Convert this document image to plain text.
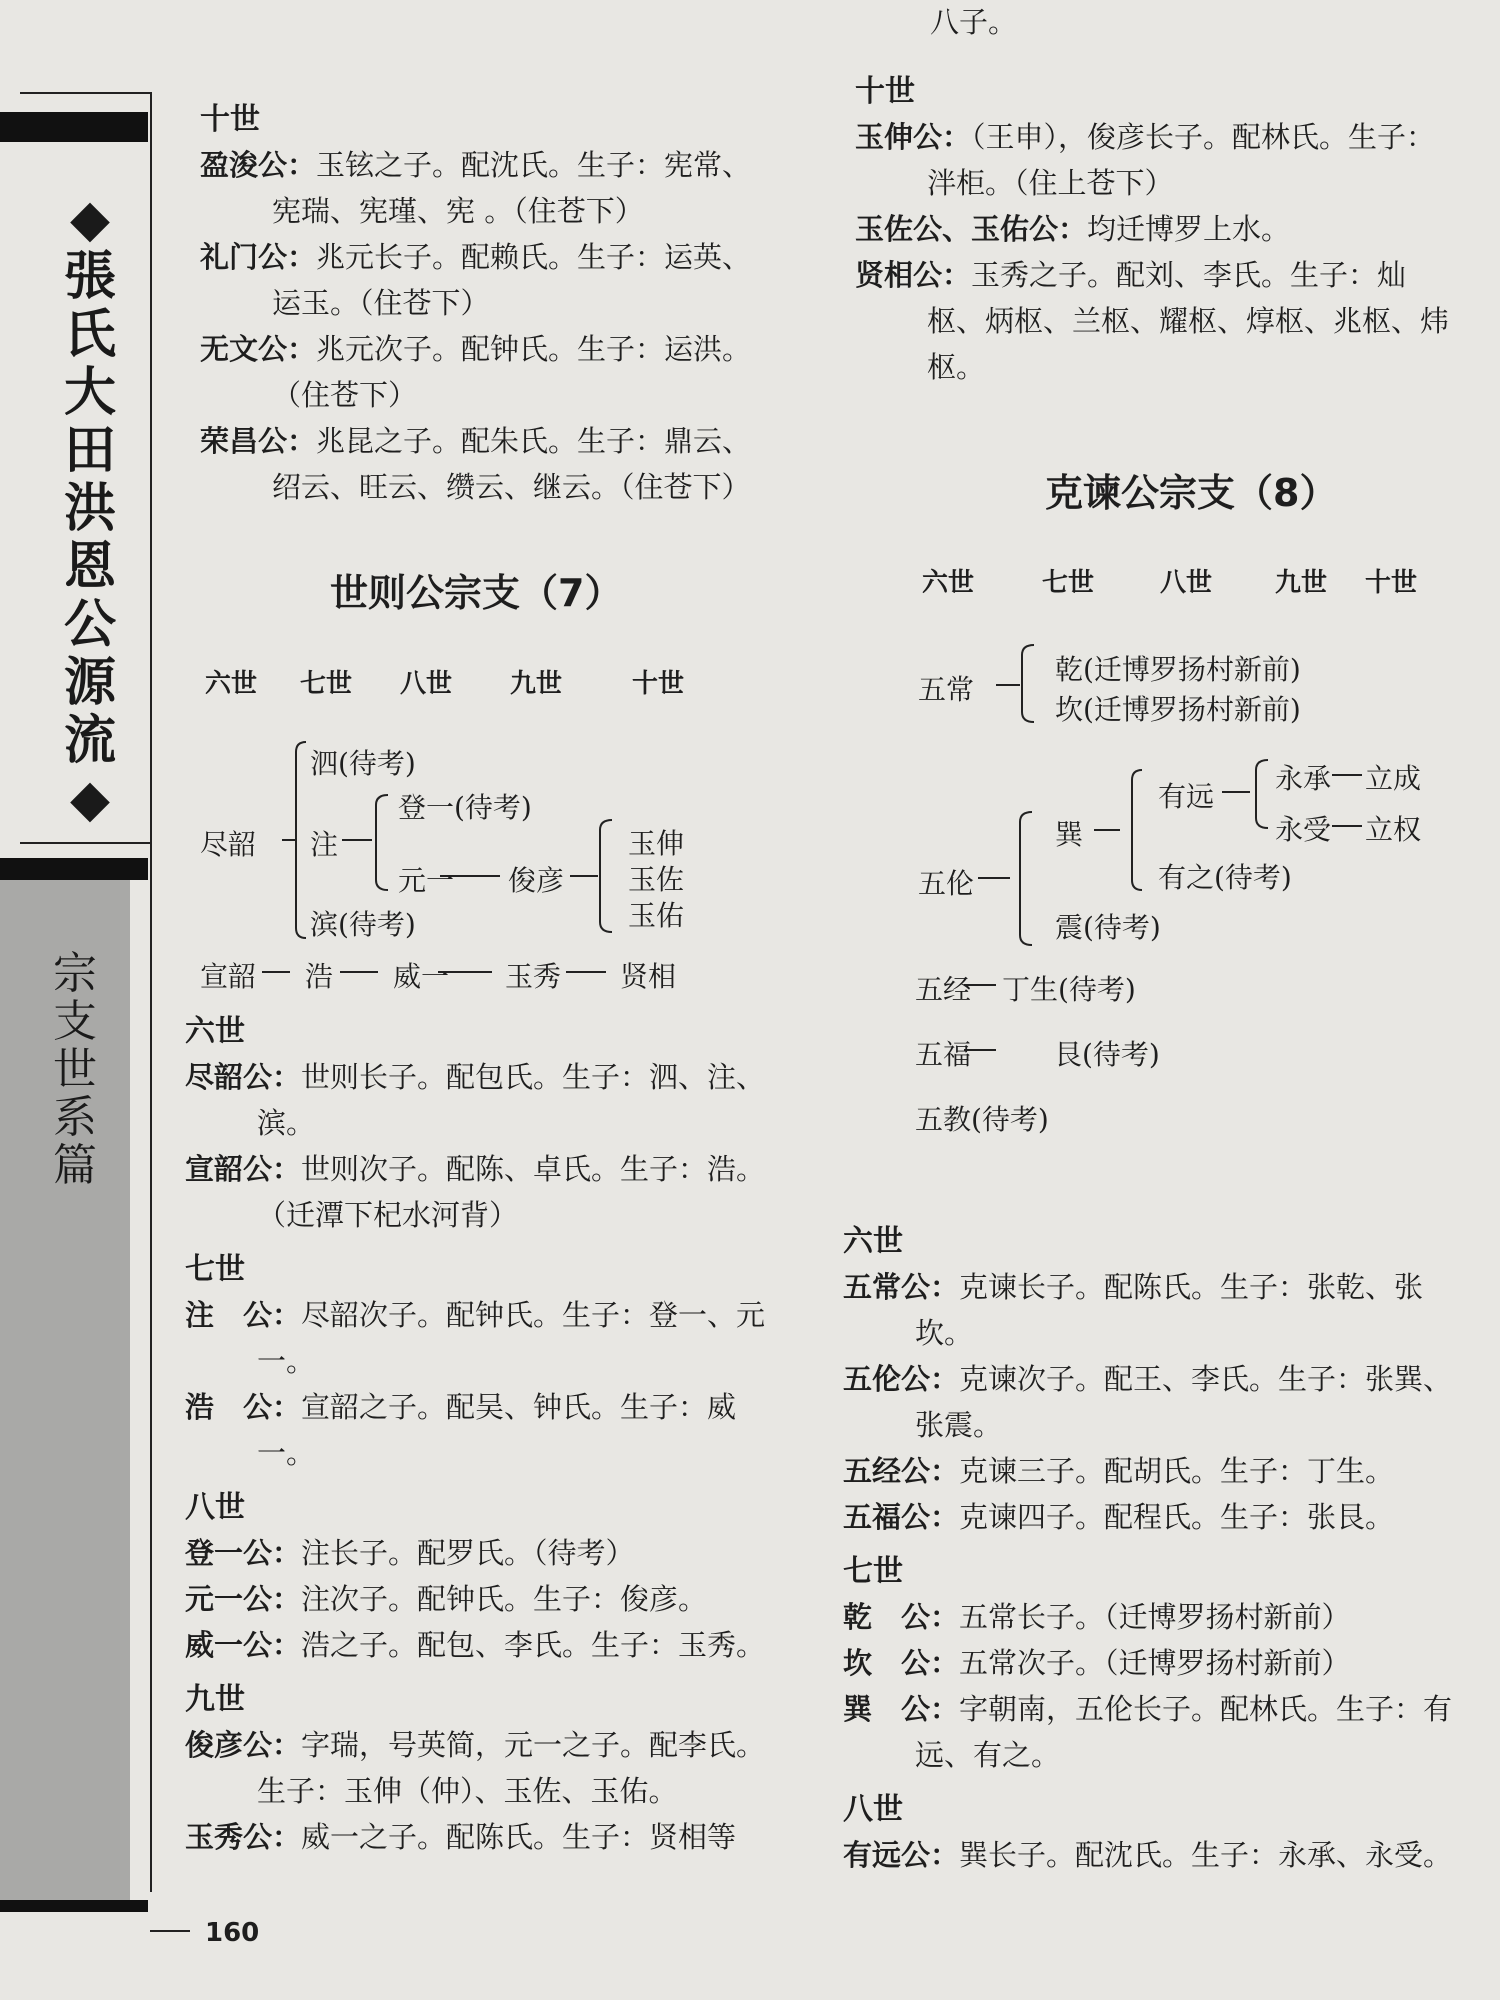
◆
張
氏
大
田
洪
恩
公
源
流
◆
宗
支
世
系
篇
160
十世
盈浚公：玉铉之子。配沈氏。生子：宪常、宪瑞、宪瑾、宪 。（住苍下）
礼门公：兆元长子。配赖氏。生子：运英、运玉。（住苍下）
无文公：兆元次子。配钟氏。生子：运洪。（住苍下）
荣昌公：兆昆之子。配朱氏。生子：鼎云、绍云、旺云、缵云、继云。（住苍下）
世则公宗支（7）
六世 七世 八世 九世	十世
尽韶
泗(待考)
注
滨(待考)
登一(待考)
元一 俊彦
玉伸
玉佐
玉佑
宣韶 浩 威一 玉秀 贤相
六世
尽韶公：世则长子。配包氏。生子：泗、注、滨。
宣韶公：世则次子。配陈、卓氏。生子：浩。（迁潭下杞水河背）
七世
注　公：尽韶次子。配钟氏。生子：登一、元一。
浩　公：宣韶之子。配吴、钟氏。生子：威一。
八世
登一公：注长子。配罗氏。（待考）
元一公：注次子。配钟氏。生子：俊彦。
威一公：浩之子。配包、李氏。生子：玉秀。
九世
俊彦公：字瑞，号英简，元一之子。配李氏。生子：玉伸（仲）、玉佐、玉佑。
玉秀公：威一之子。配陈氏。生子：贤相等
八子。
十世
玉伸公：（王申），俊彦长子。配林氏。生子：泮柜。（住上苍下）
玉佐公、玉佑公：均迁博罗上水。
贤相公：玉秀之子。配刘、李氏。生子：灿枢、炳枢、兰枢、耀枢、焞枢、兆枢、炜枢。
克谏公宗支（8）
六世	七世	八世 九世 十世
五常
乾(迁博罗扬村新前)
坎(迁博罗扬村新前)
五伦
巽
有远
永承 立成
永受 立权
有之(待考)
震(待考)
五经 丁生(待考)
五福	艮(待考)
五教(待考)
六世
五常公：克谏长子。配陈氏。生子：张乾、张坎。
五伦公：克谏次子。配王、李氏。生子：张巽、张震。
五经公：克谏三子。配胡氏。生子：丁生。
五福公：克谏四子。配程氏。生子：张艮。
七世
乾　公：五常长子。（迁博罗扬村新前）
坎　公：五常次子。（迁博罗扬村新前）
巽　公：字朝南，五伦长子。配林氏。生子：有远、有之。
八世
有远公：巽长子。配沈氏。生子：永承、永受。
